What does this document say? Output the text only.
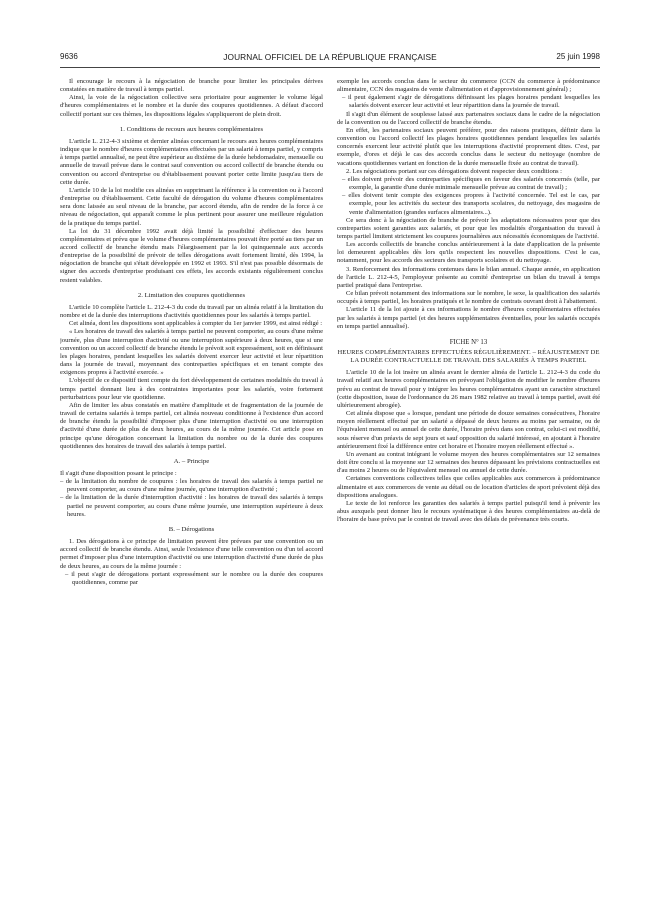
9636	JOURNAL OFFICIEL DE LA RÉPUBLIQUE FRANÇAISE	25 juin 1998

Il encourage le recours à la négociation de branche pour limiter les principales dérives constatées en matière de travail à temps partiel.

Ainsi, la voie de la négociation collective sera prioritaire pour augmenter le volume légal d'heures complémentaires et le nombre et la durée des coupures quotidiennes. A défaut d'accord collectif portant sur ces thèmes, les dispositions légales s'appliqueront de plein droit.

1. Conditions de recours aux heures complémentaires

L'article L. 212-4-3 sixième et dernier alinéas concernant le recours aux heures complémentaires indique que le nombre d'heures complémentaires effectuées par un salarié à temps partiel, y compris à temps partiel annualisé, ne peut être supérieur au dixième de la durée hebdomadaire, mensuelle ou annuelle de travail prévue dans le contrat sauf convention ou accord collectif de branche étendu ou convention ou accord d'entreprise ou d'établissement pouvant porter cette limite jusqu'au tiers de cette durée.

L'article 10 de la loi modifie ces alinéas en supprimant la référence à la convention ou à l'accord d'entreprise ou d'établissement. Cette faculté de dérogation du volume d'heures complémentaires sera donc laissée au seul niveau de la branche, par accord étendu, afin de rendre de la force à ce niveau de négociation, qui apparaît comme le plus pertinent pour assurer une meilleure régulation de la pratique du temps partiel.

La loi du 31 décembre 1992 avait déjà limité la possibilité d'effectuer des heures complémentaires et prévu que le volume d'heures complémentaires pouvait être porté au tiers par un accord collectif de branche étendu mais l'élargissement par la loi quinquennale aux accords d'entreprise de la possibilité de prévoir de telles dérogations avait fortement limité, dès 1994, la négociation de branche qui s'était développée en 1992 et 1993. S'il n'est pas possible désormais de signer des accords d'entreprise produisant ces effets, les accords existants régulièrement conclus restent valables.

2. Limitation des coupures quotidiennes

L'article 10 complète l'article L. 212-4-3 du code du travail par un alinéa relatif à la limitation du nombre et de la durée des interruptions d'activités quotidiennes pour les salariés à temps partiel.

Cet alinéa, dont les dispositions sont applicables à compter du 1er janvier 1999, est ainsi rédigé :

« Les horaires de travail des salariés à temps partiel ne peuvent comporter, au cours d'une même journée, plus d'une interruption d'activité ou une interruption supérieure à deux heures, que si une convention ou un accord collectif de branche étendu le prévoit soit expressément, soit en définissant les plages horaires, pendant lesquelles les salariés doivent exercer leur activité et leur répartition dans la journée de travail, moyennant des contreparties spécifiques et en tenant compte des exigences propres à l'activité exercée. »

L'objectif de ce dispositif tient compte du fort développement de certaines modalités du travail à temps partiel donnant lieu à des contraintes importantes pour les salariés, voire fortement perturbatrices pour leur vie quotidienne.

Afin de limiter les abus constatés en matière d'amplitude et de fragmentation de la journée de travail de certains salariés à temps partiel, cet alinéa nouveau conditionne à l'existence d'un accord de branche étendu la possibilité d'imposer plus d'une interruption d'activité ou une interruption d'activité d'une durée de plus de deux heures, au cours de la même journée. Cet article pose en principe qu'une dérogation concernant la limitation du nombre ou de la durée des coupures quotidiennes des horaires de travail des salariés à temps partiel.

A. – Principe

Il s'agit d'une disposition posant le principe :

– de la limitation du nombre de coupures : les horaires de travail des salariés à temps partiel ne peuvent comporter, au cours d'une même journée, qu'une interruption d'activité ;

– de la limitation de la durée d'interruption d'activité : les horaires de travail des salariés à temps partiel ne peuvent comporter, au cours d'une même journée, une interruption supérieure à deux heures.

B. – Dérogations

1. Des dérogations à ce principe de limitation peuvent être prévues par une convention ou un accord collectif de branche étendu. Ainsi, seule l'existence d'une telle convention ou d'un tel accord permet d'imposer plus d'une interruption d'activité ou une interruption d'activité d'une durée de plus de deux heures, au cours de la même journée :

– il peut s'agir de dérogations portant expressément sur le nombre ou la durée des coupures quotidiennes, comme par

exemple les accords conclus dans le secteur du commerce (CCN du commerce à prédominance alimentaire, CCN des magasins de vente d'alimentation et d'approvisionnement général) ;

– il peut également s'agir de dérogations définissant les plages horaires pendant lesquelles les salariés doivent exercer leur activité et leur répartition dans la journée de travail.

Il s'agit d'un élément de souplesse laissé aux partenaires sociaux dans le cadre de la négociation de la convention ou de l'accord collectif de branche étendu.

En effet, les partenaires sociaux peuvent préférer, pour des raisons pratiques, définir dans la convention ou l'accord collectif les plages horaires quotidiennes pendant lesquelles les salariés concernés exercent leur activité plutôt que les interruptions d'activité proprement dites. C'est, par exemple, d'ores et déjà le cas des accords conclus dans le secteur du nettoyage (nombre de vacations quotidiennes variant en fonction de la durée mensuelle fixée au contrat de travail).

2. Les négociations portant sur ces dérogations doivent respecter deux conditions :

– elles doivent prévoir des contreparties spécifiques en faveur des salariés concernés (telle, par exemple, la garantie d'une durée minimale mensuelle prévue au contrat de travail) ;

– elles doivent tenir compte des exigences propres à l'activité concernée. Tel est le cas, par exemple, pour les activités du secteur des transports scolaires, du nettoyage, des magasins de vente d'alimentation (grandes surfaces alimentaires...).

Ce sera donc à la négociation de branche de prévoir les adaptations nécessaires pour que des contreparties soient garanties aux salariés, et pour que les modalités d'organisation du travail à temps partiel limitent strictement les coupures journalières aux nécessités économiques de l'activité.

Les accords collectifs de branche conclus antérieurement à la date d'application de la présente loi demeurent applicables dès lors qu'ils respectent les nouvelles dispositions. C'est le cas, notamment, pour les accords des secteurs des transports scolaires et du nettoyage.

3. Renforcement des informations contenues dans le bilan annuel. Chaque année, en application de l'article L. 212-4-5, l'employeur présente au comité d'entreprise un bilan du travail à temps partiel pratiqué dans l'entreprise.

Ce bilan prévoit notamment des informations sur le nombre, le sexe, la qualification des salariés occupés à temps partiel, les horaires pratiqués et le nombre de contrats ouvrant droit à l'abattement.

L'article 11 de la loi ajoute à ces informations le nombre d'heures complémentaires effectuées par les salariés à temps partiel (et des heures supplémentaires éventuelles, pour les salariés occupés en temps partiel annualisé).

FICHE N° 13
HEURES COMPLÉMENTAIRES EFFECTUÉES RÉGULIÈREMENT. – RÉAJUSTEMENT DE LA DURÉE CONTRACTUELLE DE TRAVAIL DES SALARIÉS À TEMPS PARTIEL

L'article 10 de la loi insère un alinéa avant le dernier alinéa de l'article L. 212-4-3 du code du travail relatif aux heures complémentaires en prévoyant l'obligation de modifier le nombre d'heures prévu au contrat de travail pour y intégrer les heures complémentaires ayant un caractère structurel (cette disposition, issue de l'ordonnance du 26 mars 1982 relative au travail à temps partiel, avait été ultérieurement abrogée).

Cet alinéa dispose que « lorsque, pendant une période de douze semaines consécutives, l'horaire moyen réellement effectué par un salarié a dépassé de deux heures au moins par semaine, ou de l'équivalent mensuel ou annuel de cette durée, l'horaire prévu dans son contrat, celui-ci est modifié, sous réserve d'un préavis de sept jours et sauf opposition du salarié intéressé, en ajoutant à l'horaire antérieurement fixé la différence entre cet horaire et l'horaire moyen réellement effectué ».

Un avenant au contrat intégrant le volume moyen des heures complémentaires sur 12 semaines doit être conclu si la moyenne sur 12 semaines des heures dépassant les prévisions contractuelles est d'au moins 2 heures ou de l'équivalent mensuel ou annuel de cette durée.

Certaines conventions collectives telles que celles applicables aux commerces à prédominance alimentaire et aux commerces de vente au détail ou de location d'articles de sport prévoient déjà des dispositions analogues.

Le texte de loi renforce les garanties des salariés à temps partiel puisqu'il tend à prévenir les abus auxquels peut donner lieu le recours systématique à des heures complémentaires au-delà de l'horaire de base prévu par le contrat de travail avec des délais de prévenance très courts.
